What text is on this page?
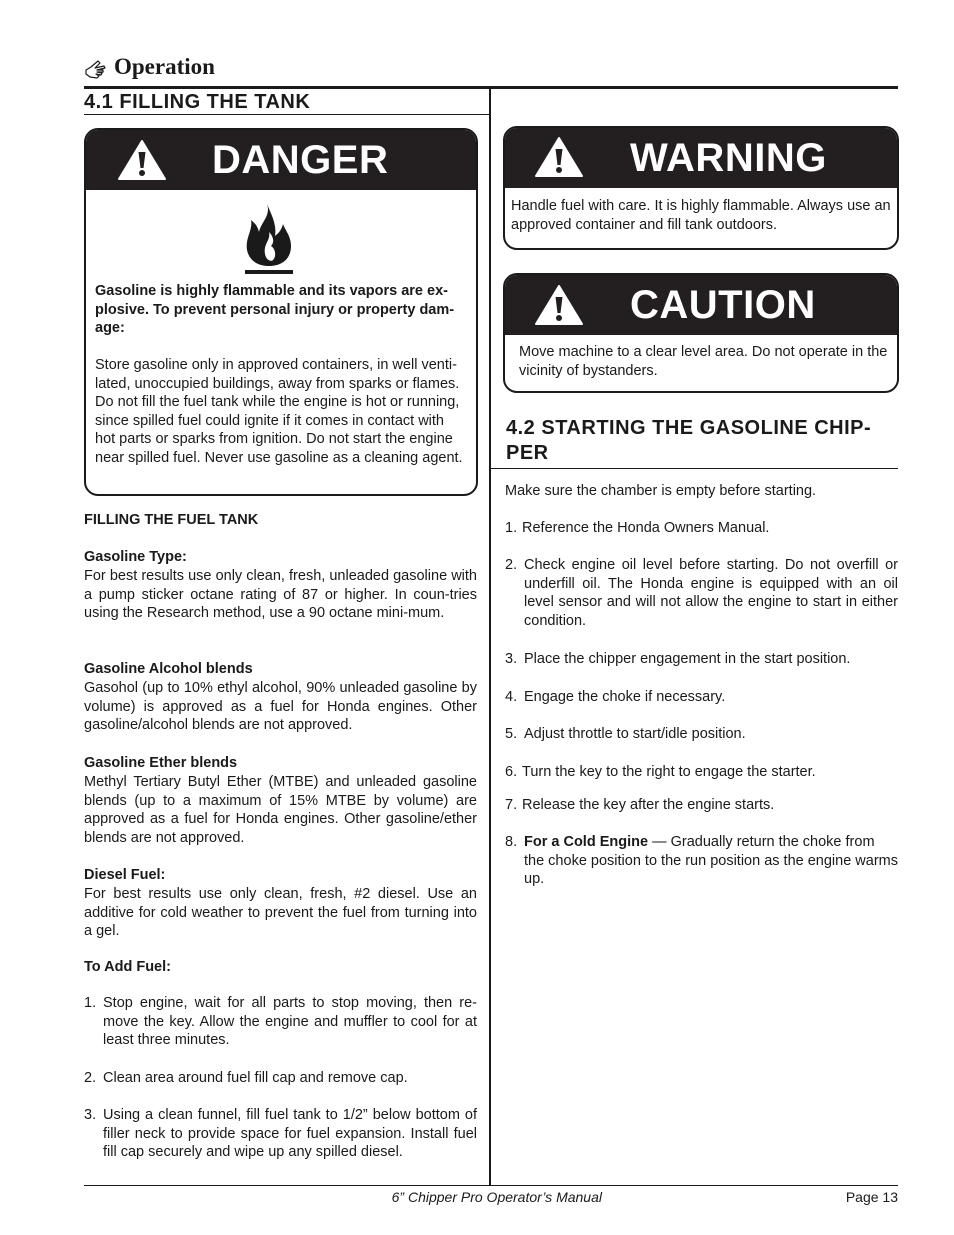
Operation
4.1 FILLING THE TANK
DANGER
Gasoline is highly flammable and its vapors are ex-plosive. To prevent personal injury or property dam-age:
Store gasoline only in approved containers, in well venti-lated, unoccupied buildings, away from sparks or flames. Do not fill the fuel tank while the engine is hot or running, since spilled fuel could ignite if it comes in contact with hot parts or sparks from ignition. Do not start the engine near spilled fuel. Never use gasoline as a cleaning agent.
FILLING THE FUEL TANK
Gasoline Type:
For best results use only clean, fresh, unleaded gasoline with a pump sticker octane rating of 87 or higher. In coun-tries using the Research method, use a 90 octane mini-mum.
Gasoline Alcohol blends
Gasohol (up to 10% ethyl alcohol, 90% unleaded gasoline by volume) is approved as a fuel for Honda engines. Other gasoline/alcohol blends are not approved.
Gasoline Ether blends
Methyl Tertiary Butyl Ether (MTBE) and unleaded gasoline blends (up to a maximum of 15% MTBE by volume) are approved as a fuel for Honda engines. Other gasoline/ether blends are not approved.
Diesel Fuel:
For best results use only clean, fresh, #2 diesel. Use an additive for cold weather to prevent the fuel from turning into a gel.
To Add Fuel:
1. Stop engine, wait for all parts to stop moving, then re-move the key. Allow the engine and muffler to cool for at least three minutes.
2. Clean area around fuel fill cap and remove cap.
3. Using a clean funnel, fill fuel tank to 1/2” below bottom of filler neck to provide space for fuel expansion. Install fuel fill cap securely and wipe up any spilled diesel.
WARNING
Handle fuel with care. It is highly flammable. Always use an approved container and fill tank outdoors.
CAUTION
Move machine to a clear level area. Do not operate in the vicinity of bystanders.
4.2 STARTING THE GASOLINE CHIP-PER
Make sure the chamber is empty before starting.
1. Reference the Honda Owners Manual.
2. Check engine oil level before starting. Do not overfill or underfill oil. The Honda engine is equipped with an oil level sensor and will not allow the engine to start in either condition.
3. Place the chipper engagement in the start position.
4. Engage the choke if necessary.
5. Adjust throttle to start/idle position.
6. Turn the key to the right to engage the starter.
7. Release the key after the engine starts.
8. For a Cold Engine — Gradually return the choke from the choke position to the run position as the engine warms up.
6” Chipper Pro Operator’s Manual	Page 13
